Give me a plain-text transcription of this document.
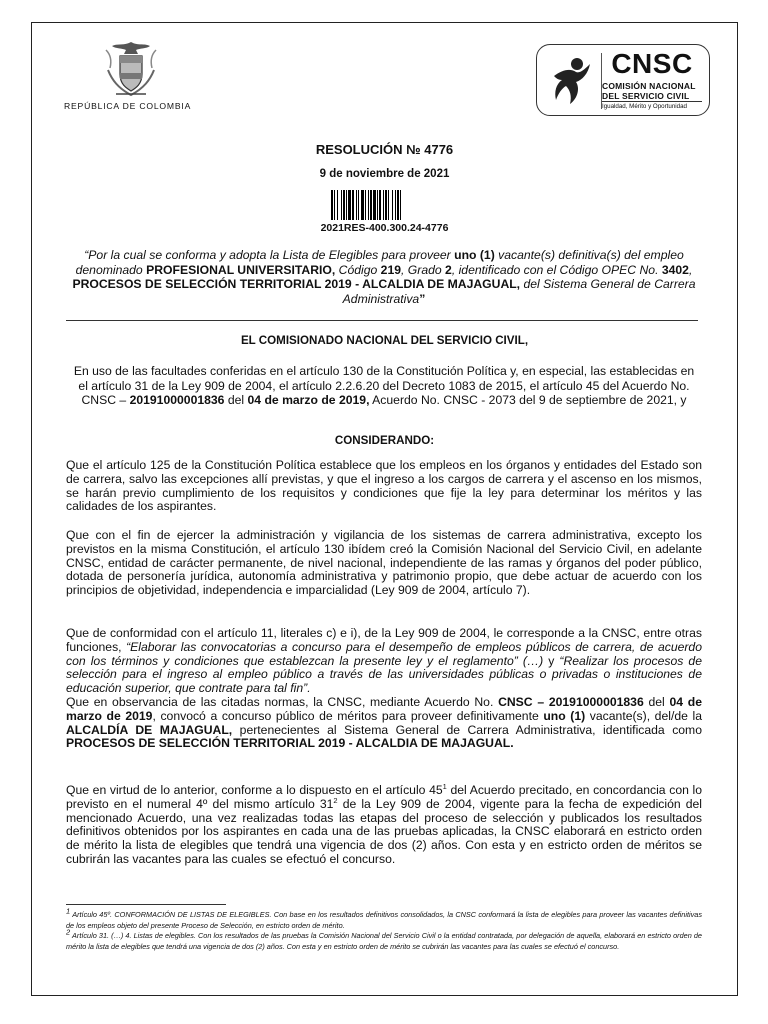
REPÚBLICA DE COLOMBIA
CNSC
COMISIÓN NACIONAL
DEL SERVICIO CIVIL
Igualdad, Mérito y Oportunidad
RESOLUCIÓN № 4776
9 de noviembre de 2021
2021RES-400.300.24-4776
“Por la cual se conforma y adopta la Lista de Elegibles para proveer uno (1) vacante(s) definitiva(s) del empleo denominado PROFESIONAL UNIVERSITARIO, Código 219, Grado 2, identificado con el Código OPEC No. 3402, PROCESOS DE SELECCIÓN TERRITORIAL 2019 - ALCALDIA DE MAJAGUAL, del Sistema General de Carrera Administrativa”
EL COMISIONADO NACIONAL DEL SERVICIO CIVIL,
En uso de las facultades conferidas en el artículo 130 de la Constitución Política y, en especial, las establecidas en el artículo 31 de la Ley 909 de 2004, el artículo 2.2.6.20 del Decreto 1083 de 2015, el artículo 45 del Acuerdo No. CNSC – 20191000001836 del 04 de marzo de 2019, Acuerdo No. CNSC - 2073 del 9 de septiembre de 2021, y
CONSIDERANDO:

Que el artículo 125 de la Constitución Política establece que los empleos en los órganos y entidades del Estado son de carrera, salvo las excepciones allí previstas, y que el ingreso a los cargos de carrera y el ascenso en los mismos, se harán previo cumplimiento de los requisitos y condiciones que fije la ley para determinar los méritos y las calidades de los aspirantes.

Que con el fin de ejercer la administración y vigilancia de los sistemas de carrera administrativa, excepto los previstos en la misma Constitución, el artículo 130 ibídem creó la Comisión Nacional del Servicio Civil, en adelante CNSC, entidad de carácter permanente, de nivel nacional, independiente de las ramas y órganos del poder público, dotada de personería jurídica, autonomía administrativa y patrimonio propio, que debe actuar de acuerdo con los principios de objetividad, independencia e imparcialidad (Ley 909 de 2004, artículo 7).

Que de conformidad con el artículo 11, literales c) e i), de la Ley 909 de 2004, le corresponde a la CNSC, entre otras funciones, “Elaborar las convocatorias a concurso para el desempeño de empleos públicos de carrera, de acuerdo con los términos y condiciones que establezcan la presente ley y el reglamento” (…) y “Realizar los procesos de selección para el ingreso al empleo público a través de las universidades públicas o privadas o instituciones de educación superior, que contrate para tal fin”.
Que en observancia de las citadas normas, la CNSC, mediante Acuerdo No. CNSC – 20191000001836 del 04 de marzo de 2019, convocó a concurso público de méritos para proveer definitivamente uno (1) vacante(s), del/de la ALCALDÍA DE MAJAGUAL, pertenecientes al Sistema General de Carrera Administrativa, identificada como PROCESOS DE SELECCIÓN TERRITORIAL 2019 - ALCALDIA DE MAJAGUAL.

Que en virtud de lo anterior, conforme a lo dispuesto en el artículo $45^1$ del Acuerdo precitado, en concordancia con lo previsto en el numeral 4º del mismo artículo $31^2$ de la Ley 909 de 2004, vigente para la fecha de expedición del mencionado Acuerdo, una vez realizadas todas las etapas del proceso de selección y publicados los resultados definitivos obtenidos por los aspirantes en cada una de las pruebas aplicadas, la CNSC elaborará en estricto orden de mérito la lista de elegibles que tendrá una vigencia de dos (2) años. Con esta y en estricto orden de méritos se cubrirán las vacantes para las cuales se efectuó el concurso.

$^1$ Artículo 45º. CONFORMACIÓN DE LISTAS DE ELEGIBLES. Con base en los resultados definitivos consolidados, la CNSC conformará la lista de elegibles para proveer las vacantes definitivas de los empleos objeto del presente Proceso de Selección, en estricto orden de mérito.
$^2$ Artículo 31. (…) 4. Listas de elegibles. Con los resultados de las pruebas la Comisión Nacional del Servicio Civil o la entidad contratada, por delegación de aquella, elaborará en estricto orden de mérito la lista de elegibles que tendrá una vigencia de dos (2) años. Con esta y en estricto orden de mérito se cubrirán las vacantes para las cuales se efectuó el concurso.
